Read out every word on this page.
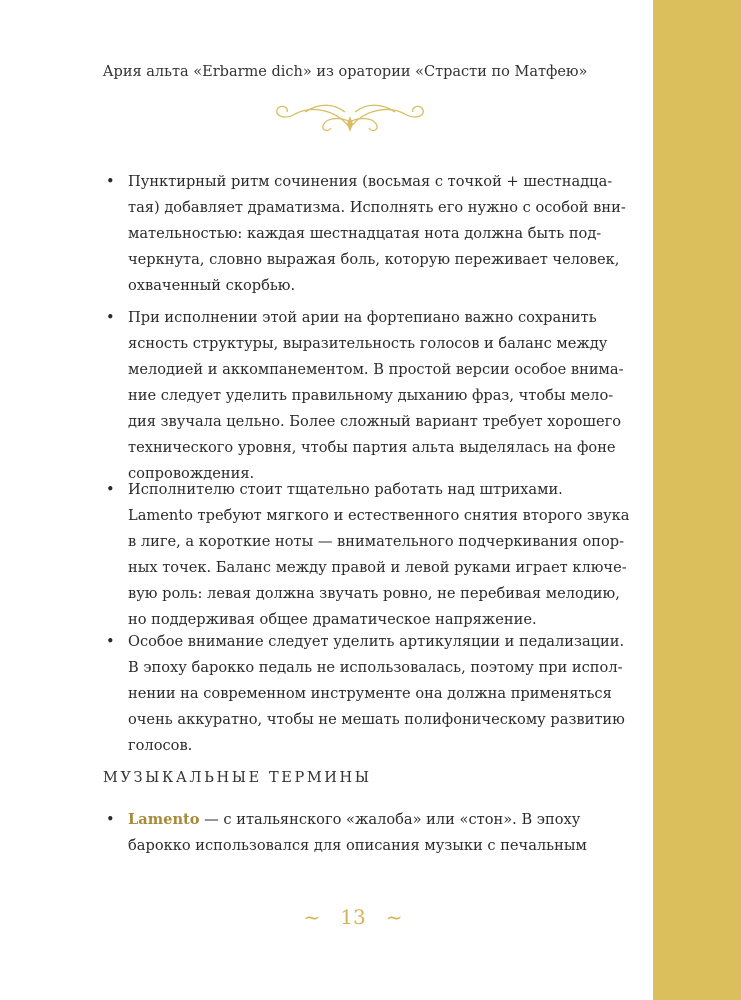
Ария альта «Erbarme dich» из оратории «Страсти по Матфею»
• Пунктирный ритм сочинения (восьмая с точкой + шестнадца-
тая) добавляет драматизма. Исполнять его нужно с особой вни-
мательностью: каждая шестнадцатая нота должна быть под-
черкнута, словно выражая боль, которую переживает человек,
охваченный скорбью.
• При исполнении этой арии на фортепиано важно сохранить
ясность структуры, выразительность голосов и баланс между
мелодией и аккомпанементом. В простой версии особое внима-
ние следует уделить правильному дыханию фраз, чтобы мело-
дия звучала цельно. Более сложный вариант требует хорошего
технического уровня, чтобы партия альта выделялась на фоне
сопровождения.
• Исполнителю стоит тщательно работать над штрихами.
Lamento требуют мягкого и естественного снятия второго звука
в лиге, а короткие ноты — внимательного подчеркивания опор-
ных точек. Баланс между правой и левой руками играет ключе-
вую роль: левая должна звучать ровно, не перебивая мелодию,
но поддерживая общее драматическое напряжение.
• Особое внимание следует уделить артикуляции и педализации.
В эпоху барокко педаль не использовалась, поэтому при испол-
нении на современном инструменте она должна применяться
очень аккуратно, чтобы не мешать полифоническому развитию
голосов.
МУЗЫКАЛЬНЫЕ ТЕРМИНЫ
• Lamento — с итальянского «жалоба» или «стон». В эпоху
барокко использовался для описания музыки с печальным
~ 13 ~
